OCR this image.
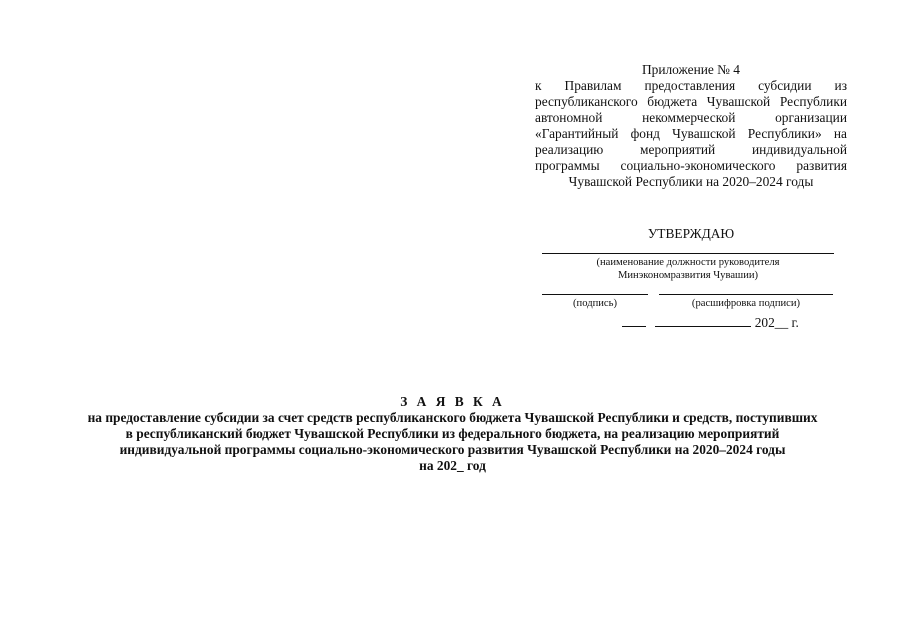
Приложение № 4
к Правилам предоставления субсидии из республиканского бюджета Чувашской Республики автономной некоммерческой организации «Гарантийный фонд Чувашской Республики» на реализацию мероприятий индивидуальной программы социально-экономического развития Чувашской Республики на 2020–2024 годы
УТВЕРЖДАЮ
(наименование должности руководителя
Минэкономразвития Чувашии)
(подпись)	(расшифровка подписи)
202__ г.
З А Я В К А
на предоставление субсидии за счет средств республиканского бюджета Чувашской Республики и средств, поступивших
в республиканский бюджет Чувашской Республики из федерального бюджета, на реализацию мероприятий
индивидуальной программы социально-экономического развития Чувашской Республики на 2020–2024 годы
на 202_ год
